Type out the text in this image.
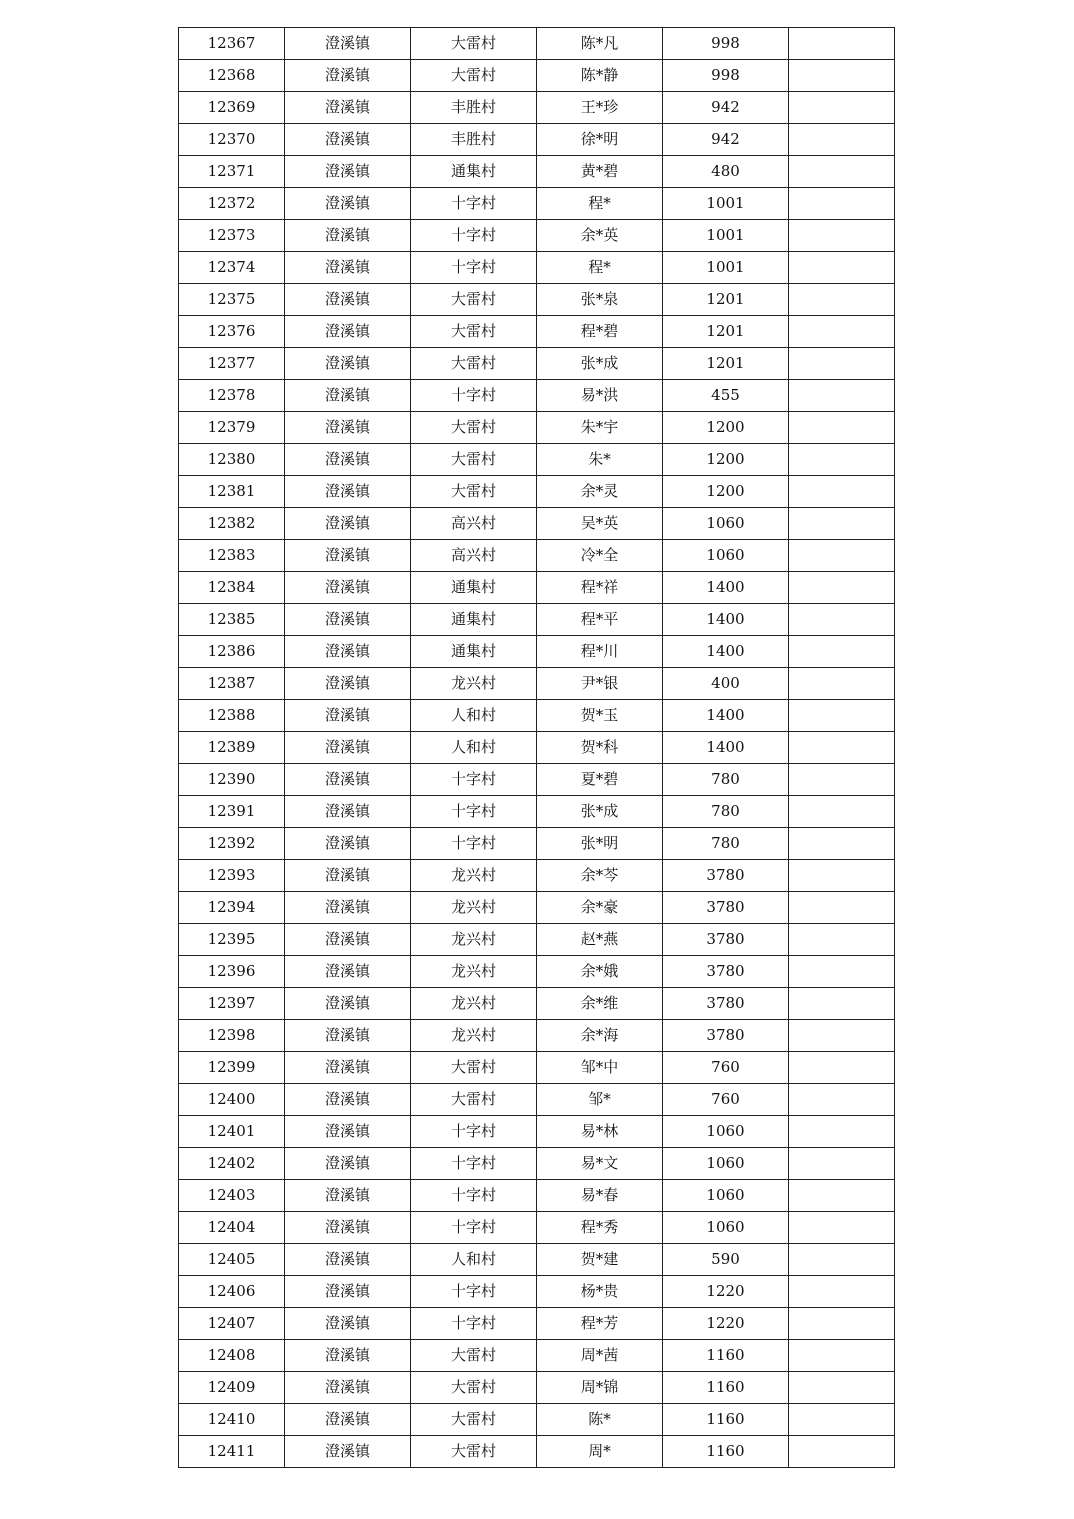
12367	澄溪镇	大雷村	陈*凡	998	
12368	澄溪镇	大雷村	陈*静	998	
12369	澄溪镇	丰胜村	王*珍	942	
12370	澄溪镇	丰胜村	徐*明	942	
12371	澄溪镇	通集村	黄*碧	480	
12372	澄溪镇	十字村	程*	1001	
12373	澄溪镇	十字村	余*英	1001	
12374	澄溪镇	十字村	程*	1001	
12375	澄溪镇	大雷村	张*泉	1201	
12376	澄溪镇	大雷村	程*碧	1201	
12377	澄溪镇	大雷村	张*成	1201	
12378	澄溪镇	十字村	易*洪	455	
12379	澄溪镇	大雷村	朱*宇	1200	
12380	澄溪镇	大雷村	朱*	1200	
12381	澄溪镇	大雷村	余*灵	1200	
12382	澄溪镇	高兴村	吴*英	1060	
12383	澄溪镇	高兴村	冷*全	1060	
12384	澄溪镇	通集村	程*祥	1400	
12385	澄溪镇	通集村	程*平	1400	
12386	澄溪镇	通集村	程*川	1400	
12387	澄溪镇	龙兴村	尹*银	400	
12388	澄溪镇	人和村	贺*玉	1400	
12389	澄溪镇	人和村	贺*科	1400	
12390	澄溪镇	十字村	夏*碧	780	
12391	澄溪镇	十字村	张*成	780	
12392	澄溪镇	十字村	张*明	780	
12393	澄溪镇	龙兴村	余*芩	3780	
12394	澄溪镇	龙兴村	余*豪	3780	
12395	澄溪镇	龙兴村	赵*燕	3780	
12396	澄溪镇	龙兴村	余*娥	3780	
12397	澄溪镇	龙兴村	余*维	3780	
12398	澄溪镇	龙兴村	余*海	3780	
12399	澄溪镇	大雷村	邹*中	760	
12400	澄溪镇	大雷村	邹*	760	
12401	澄溪镇	十字村	易*林	1060	
12402	澄溪镇	十字村	易*文	1060	
12403	澄溪镇	十字村	易*春	1060	
12404	澄溪镇	十字村	程*秀	1060	
12405	澄溪镇	人和村	贺*建	590	
12406	澄溪镇	十字村	杨*贵	1220	
12407	澄溪镇	十字村	程*芳	1220	
12408	澄溪镇	大雷村	周*茜	1160	
12409	澄溪镇	大雷村	周*锦	1160	
12410	澄溪镇	大雷村	陈*	1160	
12411	澄溪镇	大雷村	周*	1160	
